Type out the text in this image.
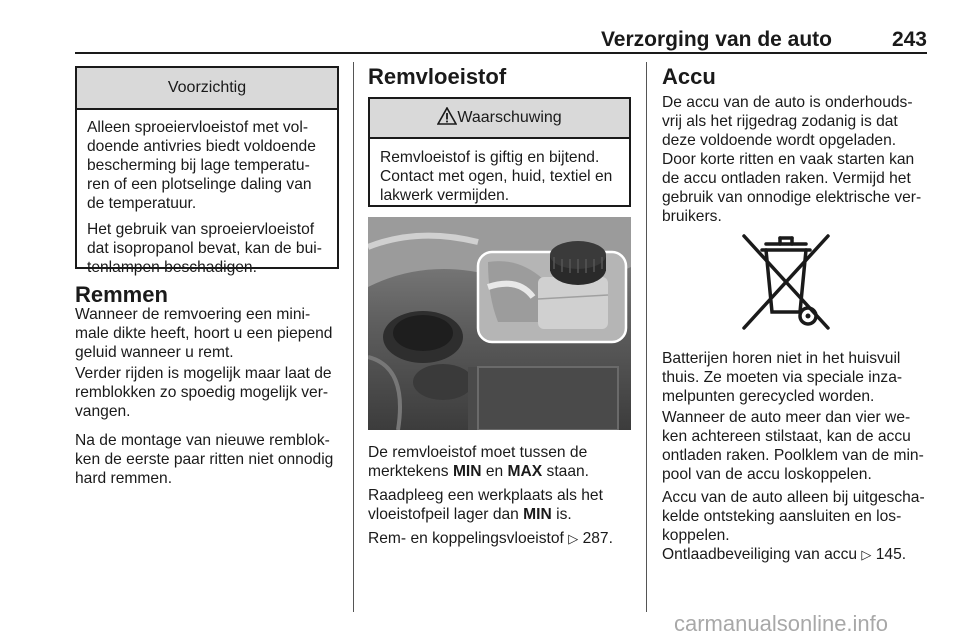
Verzorging van de auto	243
Voorzichtig

Alleen sproeiervloeistof met vol-doende antivries biedt voldoende bescherming bij lage temperatu-ren of een plotselinge daling van de temperatuur.

Het gebruik van sproeiervloeistof dat isopropanol bevat, kan de bui-tenlampen beschadigen.

Remmen

Wanneer de remvoering een mini-male dikte heeft, hoort u een piepend geluid wanneer u remt.

Verder rijden is mogelijk maar laat de remblokken zo spoedig mogelijk ver-vangen.

Na de montage van nieuwe remblok-ken de eerste paar ritten niet onnodig hard remmen.

Remvloeistof
Waarschuwing

Remvloeistof is giftig en bijtend. Contact met ogen, huid, textiel en lakwerk vermijden.

De remvloeistof moet tussen de merktekens MIN en MAX staan.

Raadpleeg een werkplaats als het vloeistofpeil lager dan MIN is.

Rem- en koppelingsvloeistof ▷ 287.

Accu

De accu van de auto is onderhouds-vrij als het rijgedrag zodanig is dat deze voldoende wordt opgeladen. Door korte ritten en vaak starten kan de accu ontladen raken. Vermijd het gebruik van onnodige elektrische ver-bruikers.

Batterijen horen niet in het huisvuil thuis. Ze moeten via speciale inza-melpunten gerecycled worden.

Wanneer de auto meer dan vier we-ken achtereen stilstaat, kan de accu ontladen raken. Poolklem van de min-pool van de accu loskoppelen.

Accu van de auto alleen bij uitgescha-kelde ontsteking aansluiten en los-koppelen.

Ontlaadbeveiliging van accu ▷ 145.

carmanualsonline.info
